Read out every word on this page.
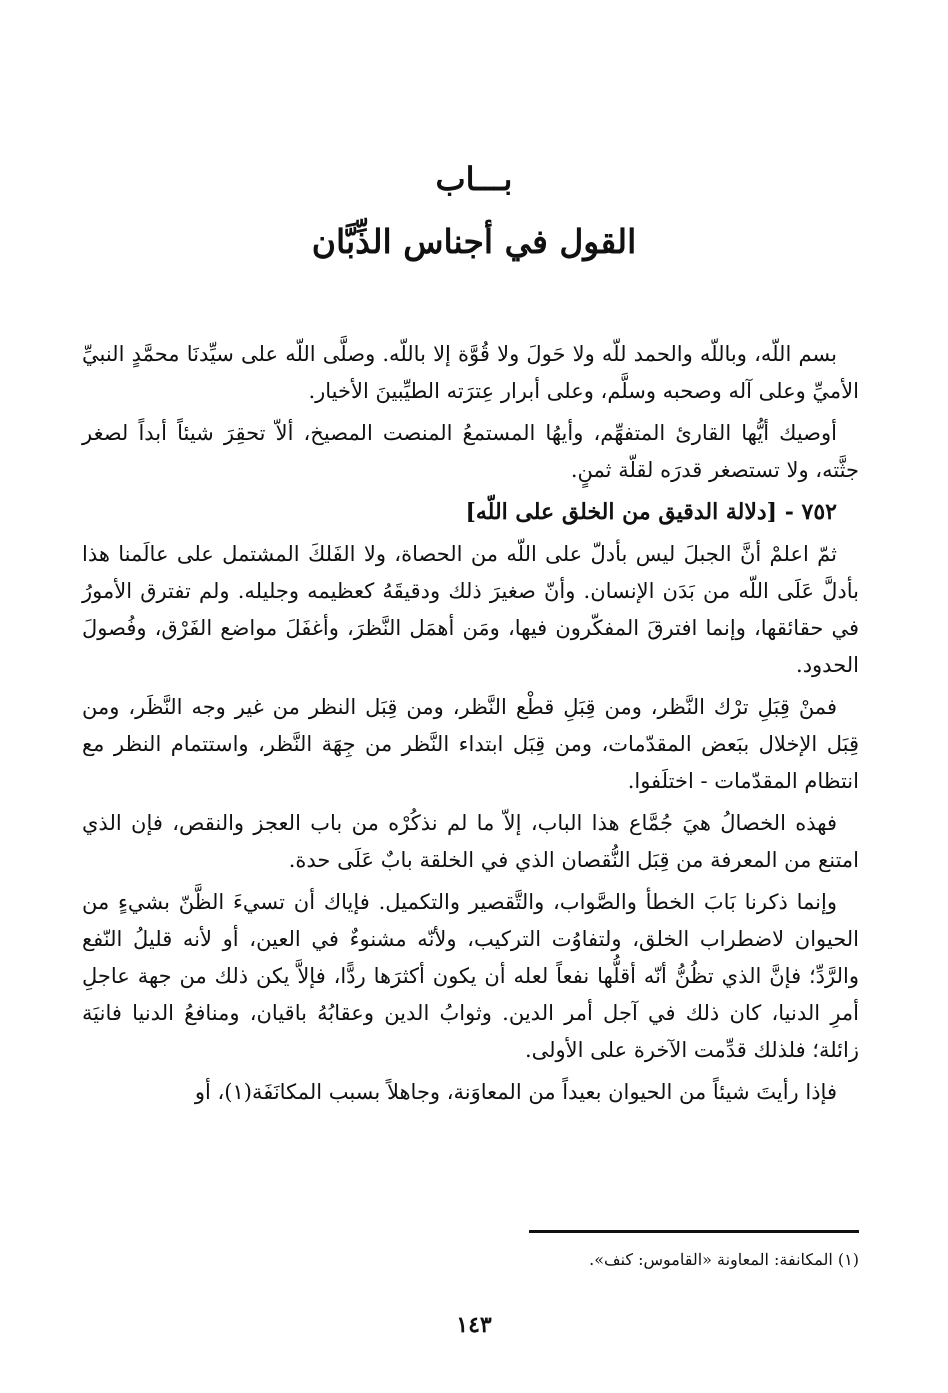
بـــاب
القول في أجناس الذِّبَّان

بسم اللّه، وباللّه والحمد للّه ولا حَولَ ولا قُوَّة إلا باللّه. وصلَّى اللّه على سيِّدنَا محمَّدٍ النبيِّ الأميِّ وعلى آله وصحبه وسلَّم، وعلى أبرار عِترَته الطيِّبينَ الأخيار.

أوصيك أيُّها القارئ المتفهِّم، وأيهُا المستمعُ المنصت المصيخ، ألاّ تحقِرَ شيئاً أبداً لصغر جثَّته، ولا تستصغر قدرَه لقلّة ثمنٍ.

٧٥٢ - [دلالة الدقيق من الخلق على اللّه]

ثمّ اعلمْ أنَّ الجبلَ ليس بأدلّ على اللّه من الحصاة، ولا الفَلكَ المشتمل على عالَمنا هذا بأدلَّ عَلَى اللّه من بَدَن الإنسان. وأنّ صغيرَ ذلك ودقيقَهُ كعظيمه وجليله. ولم تفترق الأمورُ في حقائقها، وإنما افترقَ المفكّرون فيها، ومَن أهمَل النَّظرَ، وأغفَلَ مواضع الفَرْق، وفُصولَ الحدود.

فمنْ قِبَلِ ترْك النَّظر، ومن قِبَلِ قطْع النَّظر، ومن قِبَل النظر من غير وجه النَّظَر، ومن قِبَل الإخلال ببَعض المقدّمات، ومن قِبَل ابتداء النَّظر من جِهَة النَّظر، واستتمام النظر مع انتظام المقدّمات - اختلَفوا.

فهذه الخصالُ هيَ جُمَّاع هذا الباب، إلاّ ما لم نذكُرْه من باب العجز والنقص، فإن الذي امتنع من المعرفة من قِبَل النُّقصان الذي في الخلقة بابٌ عَلَى حدة.

وإنما ذكرنا بَابَ الخطأ والصَّواب، والتَّقصير والتكميل. فإياك أن تسيءَ الظَّنّ بشيءٍ من الحيوان لاضطراب الخلق، ولتفاوُت التركيب، ولأنّه مشنوءٌ في العين، أو لأنه قليلُ النّفع والرَّدِّ؛ فإنَّ الذي تظُنُّ أنّه أقلُّها نفعاً لعله أن يكون أكثرَها ردًّا، فإلاَّ يكن ذلك من جهة عاجلِ أمرِ الدنيا، كان ذلك في آجل أمر الدين. وثوابُ الدين وعقابُهُ باقيان، ومنافعُ الدنيا فانيَة زائلة؛ فلذلك قدِّمت الآخرة على الأولى.

فإذا رأيتَ شيئاً من الحيوان بعيداً من المعاوَنة، وجاهلاً بسبب المكانَفَة(١)، أو

(١) المكانفة: المعاونة «القاموس: كنف».
١٤٣
